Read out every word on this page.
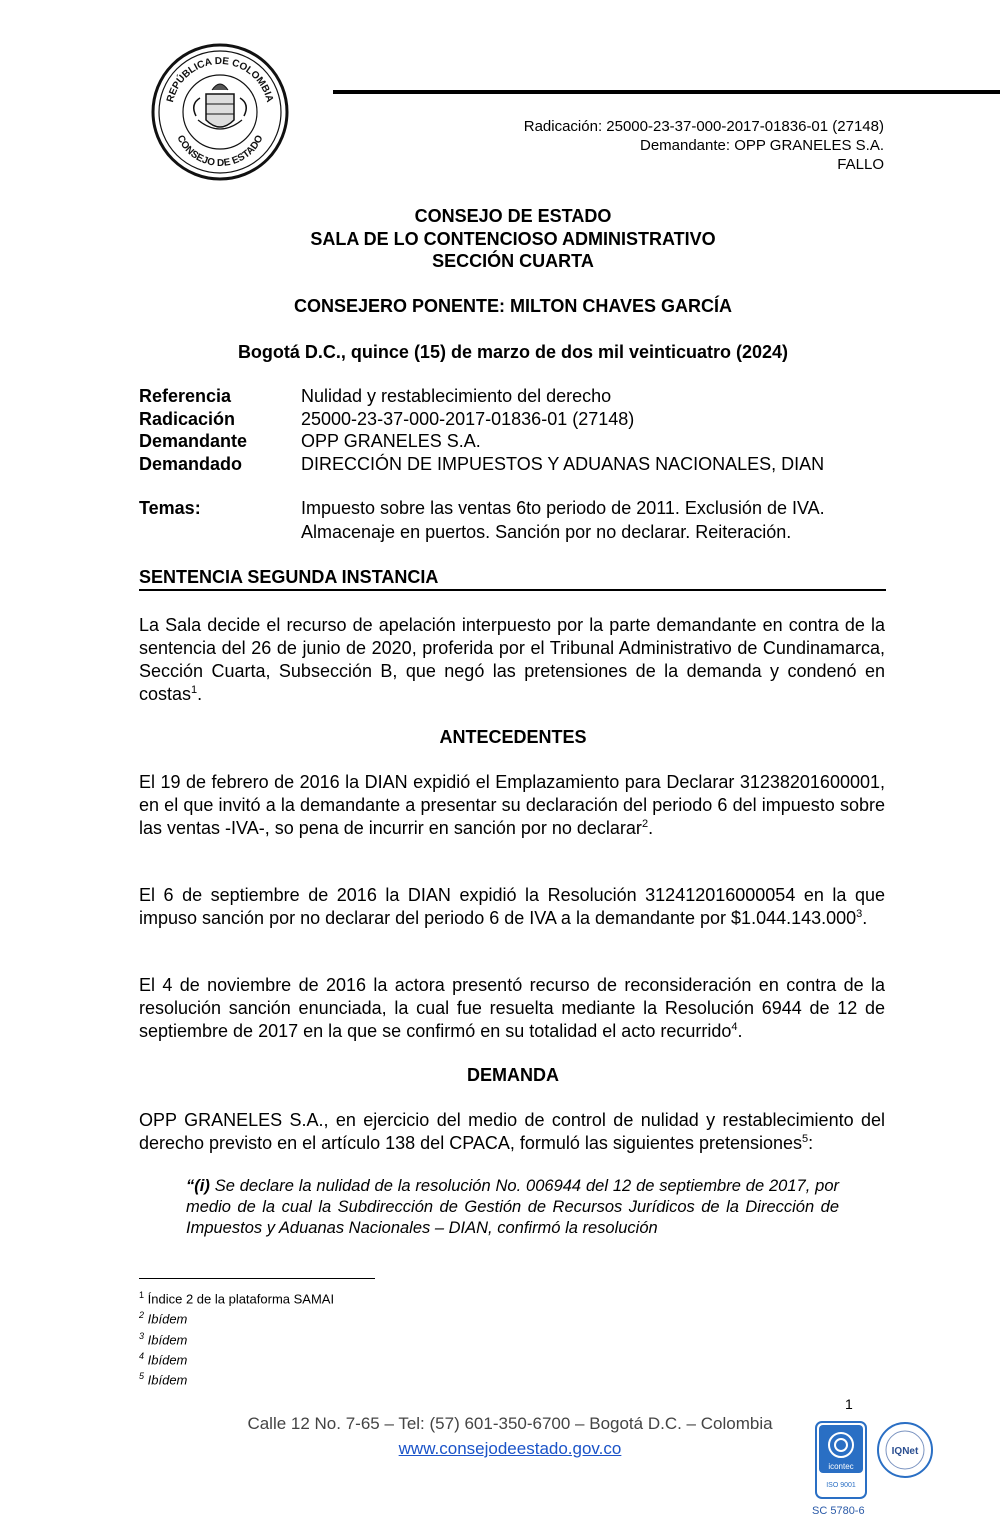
REPÚBLICA DE COLOMBIA
CONSEJO DE ESTADO
Radicación: 25000-23-37-000-2017-01836-01 (27148)
Demandante: OPP GRANELES S.A.
FALLO
CONSEJO DE ESTADO
SALA DE LO CONTENCIOSO ADMINISTRATIVO
SECCIÓN CUARTA
CONSEJERO PONENTE: MILTON CHAVES GARCÍA
Bogotá D.C., quince (15) de marzo de dos mil veinticuatro (2024)
Referencia	Nulidad y restablecimiento del derecho
Radicación	25000-23-37-000-2017-01836-01 (27148)
Demandante	OPP GRANELES S.A.
Demandado	DIRECCIÓN DE IMPUESTOS Y ADUANAS NACIONALES, DIAN
Temas:	Impuesto sobre las ventas 6to periodo de 2011. Exclusión de IVA.
Almacenaje en puertos. Sanción por no declarar. Reiteración.
SENTENCIA SEGUNDA INSTANCIA
La Sala decide el recurso de apelación interpuesto por la parte demandante en contra de la sentencia del 26 de junio de 2020, proferida por el Tribunal Administrativo de Cundinamarca, Sección Cuarta, Subsección B, que negó las pretensiones de la demanda y condenó en costas$^1$.
ANTECEDENTES
El 19 de febrero de 2016 la DIAN expidió el Emplazamiento para Declarar 31238201600001, en el que invitó a la demandante a presentar su declaración del periodo 6 del impuesto sobre las ventas -IVA-, so pena de incurrir en sanción por no declarar$^2$.
El 6 de septiembre de 2016 la DIAN expidió la Resolución 312412016000054 en la que impuso sanción por no declarar del periodo 6 de IVA a la demandante por $1.044.143.000$^3$.
El 4 de noviembre de 2016 la actora presentó recurso de reconsideración en contra de la resolución sanción enunciada, la cual fue resuelta mediante la Resolución 6944 de 12 de septiembre de 2017 en la que se confirmó en su totalidad el acto recurrido$^4$.
DEMANDA
OPP GRANELES S.A., en ejercicio del medio de control de nulidad y restablecimiento del derecho previsto en el artículo 138 del CPACA, formuló las siguientes pretensiones$^5$:
“(i) Se declare la nulidad de la resolución No. 006944 del 12 de septiembre de 2017, por medio de la cual la Subdirección de Gestión de Recursos Jurídicos de la Dirección de Impuestos y Aduanas Nacionales – DIAN, confirmó la resolución
$^1$ Índice 2 de la plataforma SAMAI
$^2$ Ibídem
$^3$ Ibídem
$^4$ Ibídem
$^5$ Ibídem
1
Calle 12 No. 7-65 – Tel: (57) 601-350-6700 – Bogotá D.C. – Colombia
www.consejodeestado.gov.co
icontec
ISO 9001
IQNet
SC 5780-6
